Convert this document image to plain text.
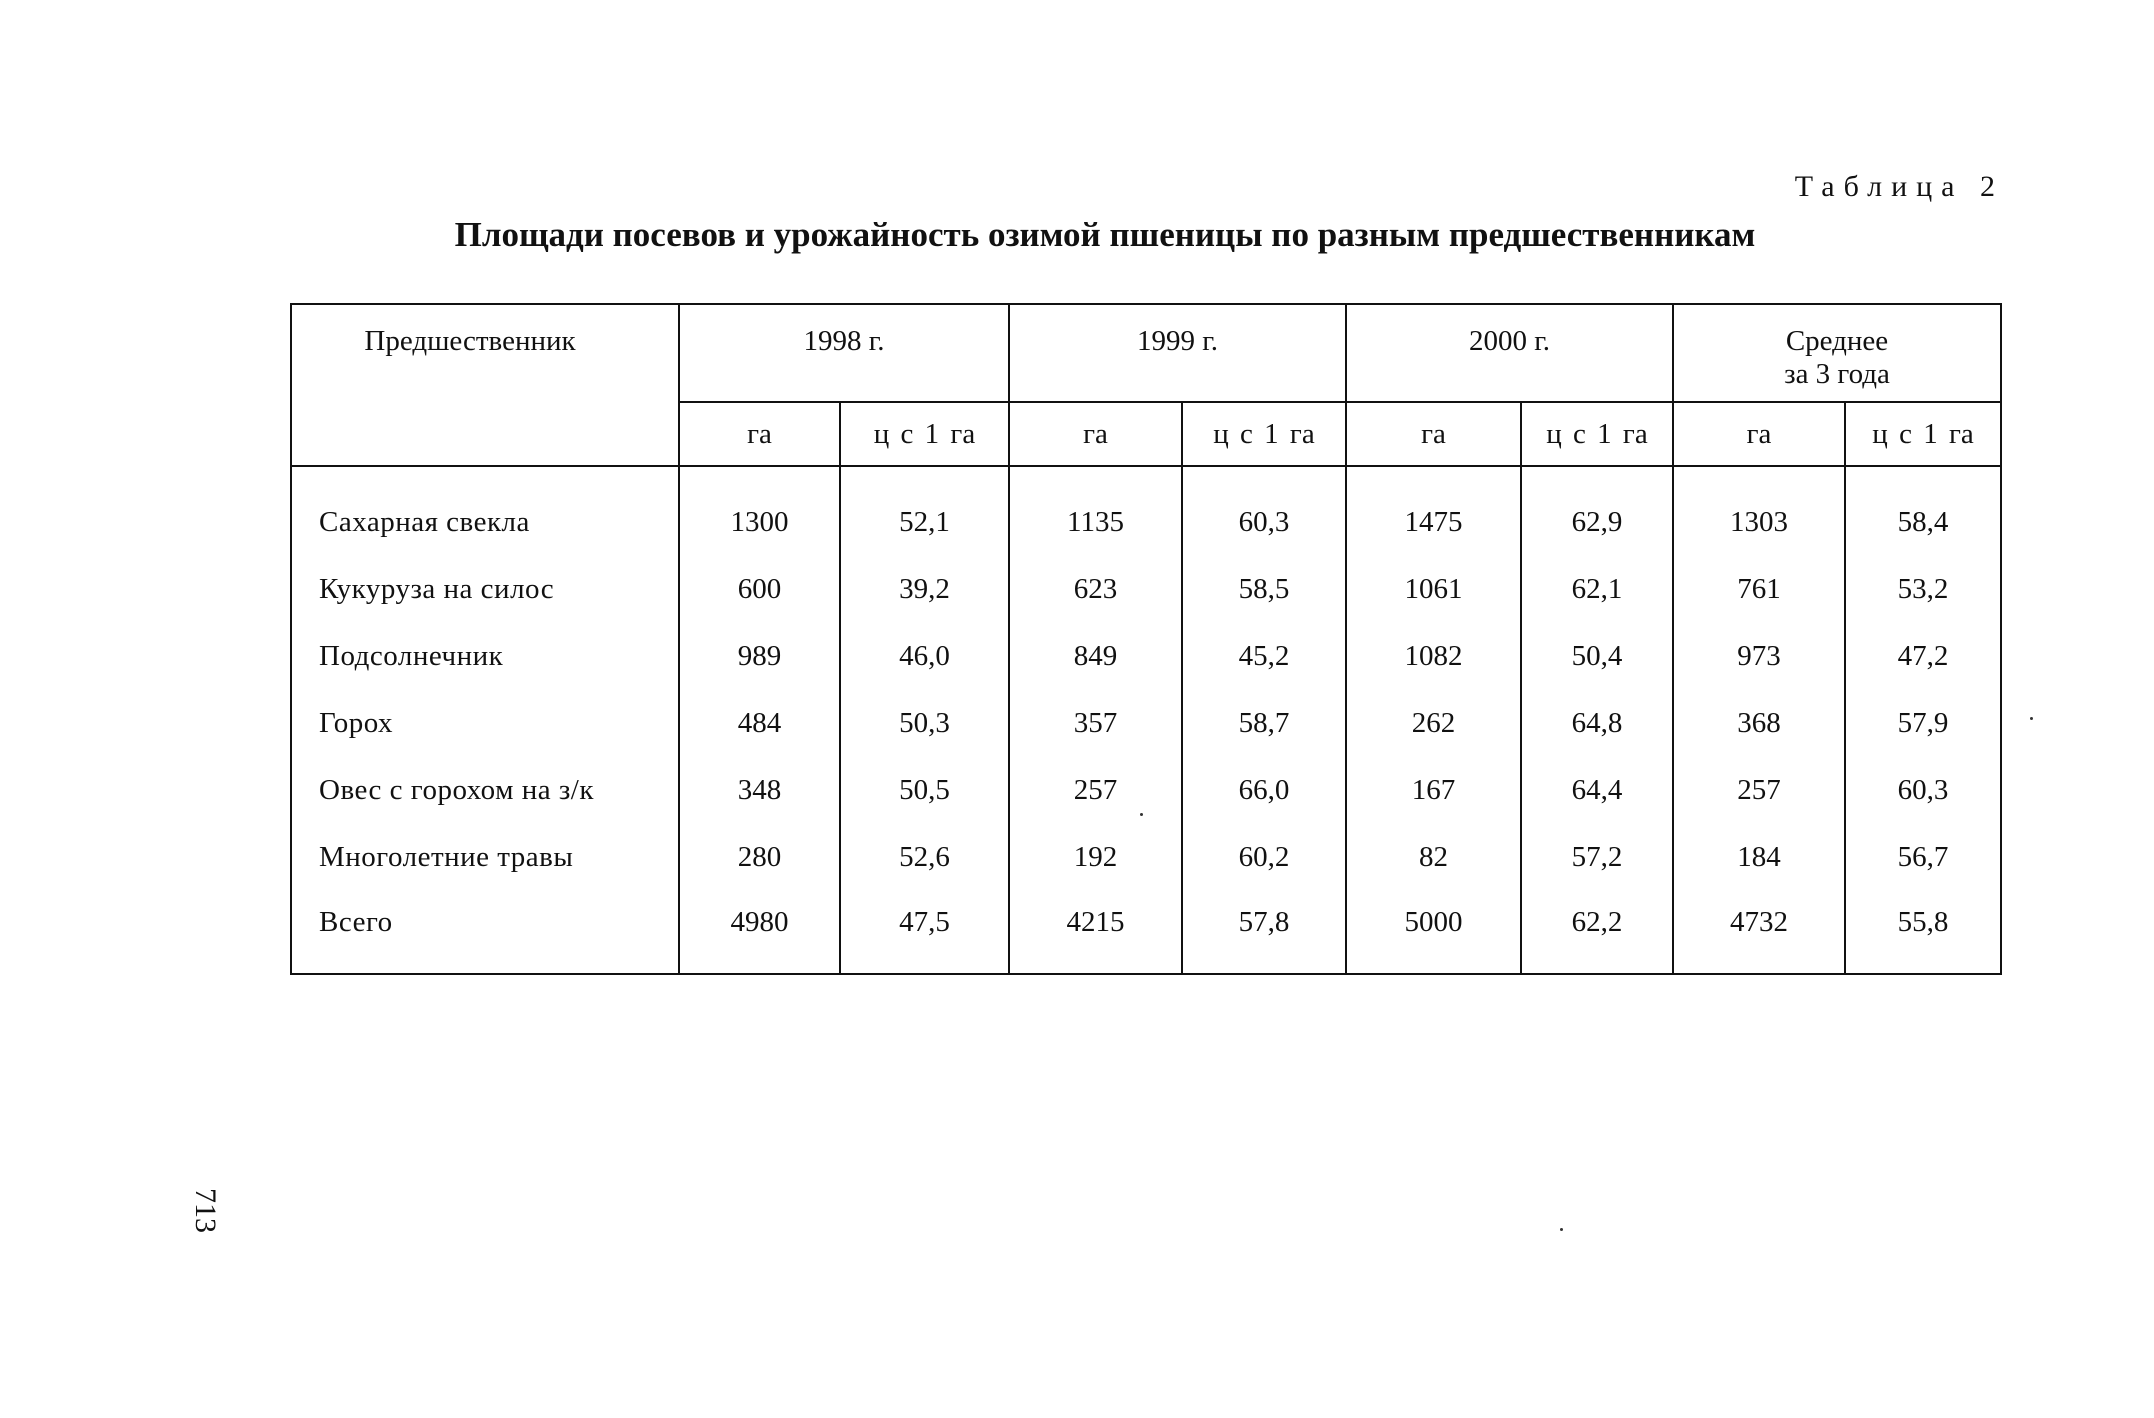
Таблица 2
Площади посевов и урожайность озимой пшеницы по разным предшественникам
Предшественник	1998 г.		1999 г.		2000 г.		Среднее
за 3 года	
	га	ц с 1 га	га	ц с 1 га	га	ц с 1 га	га	ц с 1 га
Сахарная свекла	1300	52,1	1135	60,3	1475	62,9	1303	58,4
Кукуруза на силос	600	39,2	623	58,5	1061	62,1	761	53,2
Подсолнечник	989	46,0	849	45,2	1082	50,4	973	47,2
Горох	484	50,3	357	58,7	262	64,8	368	57,9
Овес с горохом на з/к	348	50,5	257	66,0	167	64,4	257	60,3
Многолетние травы	280	52,6	192	60,2	82	57,2	184	56,7
Всего	4980	47,5	4215	57,8	5000	62,2	4732	55,8
713
